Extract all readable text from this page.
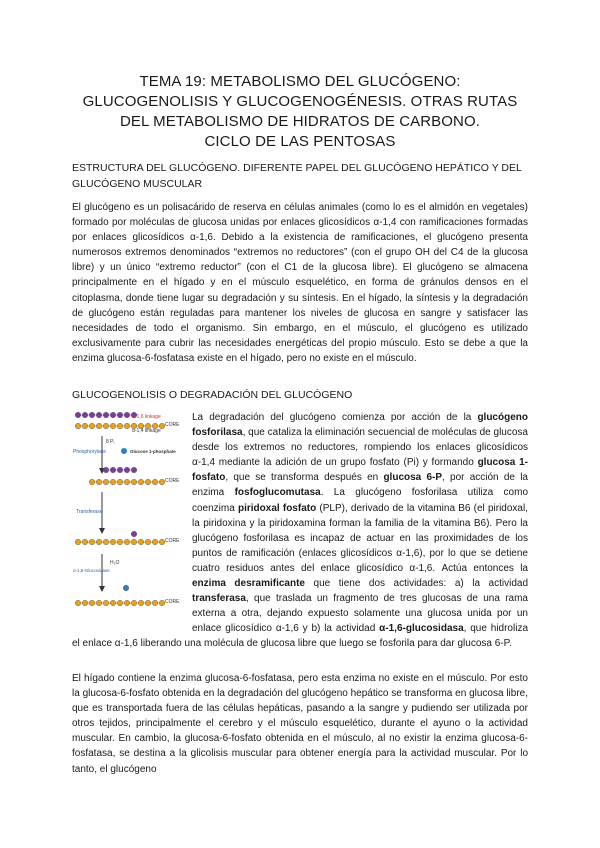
TEMA 19: METABOLISMO DEL GLUCÓGENO:
GLUCOGENOLISIS Y GLUCOGENOGÉNESIS. OTRAS RUTAS
DEL METABOLISMO DE HIDRATOS DE CARBONO.
CICLO DE LAS PENTOSAS
ESTRUCTURA DEL GLUCÓGENO. DIFERENTE PAPEL DEL GLUCÓGENO HEPÁTICO Y DEL GLUCÓGENO MUSCULAR
El glucógeno es un polisacárido de reserva en células animales (como lo es el almidón en vegetales) formado por moléculas de glucosa unidas por enlaces glicosídicos α-1,4 con ramificaciones formadas por enlaces glicosídicos α-1,6. Debido a la existencia de ramificaciones, el glucógeno presenta numerosos extremos denominados “extremos no reductores” (con el grupo OH del C4 de la glucosa libre) y un único “extremo reductor” (con el C1 de la glucosa libre). El glucógeno se almacena principalmente en el hígado y en el músculo esquelético, en forma de gránulos densos en el citoplasma, donde tiene lugar su degradación y su síntesis. En el hígado, la síntesis y la degradación de glucógeno están reguladas para mantener los niveles de glucosa en sangre y satisfacer las necesidades de todo el organismo. Sin embargo, en el músculo, el glucógeno es utilizado exclusivamente para cubrir las necesidades energéticas del propio músculo. Esto se debe a que la enzima glucosa-6-fosfatasa existe en el hígado, pero no existe en el músculo.
GLUCOGENOLISIS O DEGRADACIÓN DEL GLUCÓGENO
α-1,6 linkage
α-1,4 linkage
CORE
Phosphorylase
8 Pᵢ
Glucose 1-phosphate
CORE
Transferase
CORE
α-1,6-Glucosidase
H₂O
CORE
La degradación del glucógeno comienza por acción de la glucógeno fosforilasa, que cataliza la eliminación secuencial de moléculas de glucosa desde los extremos no reductores, rompiendo los enlaces glicosídicos α-1,4 mediante la adición de un grupo fosfato (Pi) y formando glucosa 1-fosfato, que se transforma después en glucosa 6-P, por acción de la enzima fosfoglucomutasa. La glucógeno fosforilasa utiliza como coenzima piridoxal fosfato (PLP), derivado de la vitamina B6 (el piridoxal, la piridoxina y la piridoxamina forman la familia de la vitamina B6). Pero la glucógeno fosforilasa es incapaz de actuar en las proximidades de los puntos de ramificación (enlaces glicosídicos α-1,6), por lo que se detiene cuatro residuos antes del enlace glicosídico α-1,6. Actúa entonces la enzima desramificante que tiene dos actividades: a) la actividad transferasa, que traslada un fragmento de tres glucosas de una rama externa a otra, dejando expuesto solamente una glucosa unida por un enlace glicosídico α-1,6 y b) la actividad α-1,6-glucosidasa, que hidroliza el enlace α-1,6 liberando una molécula de glucosa libre que luego se fosforila para dar glucosa 6-P.
El hígado contiene la enzima glucosa-6-fosfatasa, pero esta enzima no existe en el músculo. Por esto la glucosa-6-fosfato obtenida en la degradación del glucógeno hepático se transforma en glucosa libre, que es transportada fuera de las células hepáticas, pasando a la sangre y pudiendo ser utilizada por otros tejidos, principalmente el cerebro y el músculo esquelético, durante el ayuno o la actividad muscular. En cambio, la glucosa-6-fosfato obtenida en el músculo, al no existir la enzima glucosa-6- fosfatasa, se destina a la glicolisis muscular para obtener energía para la actividad muscular. Por lo tanto, el glucógeno
